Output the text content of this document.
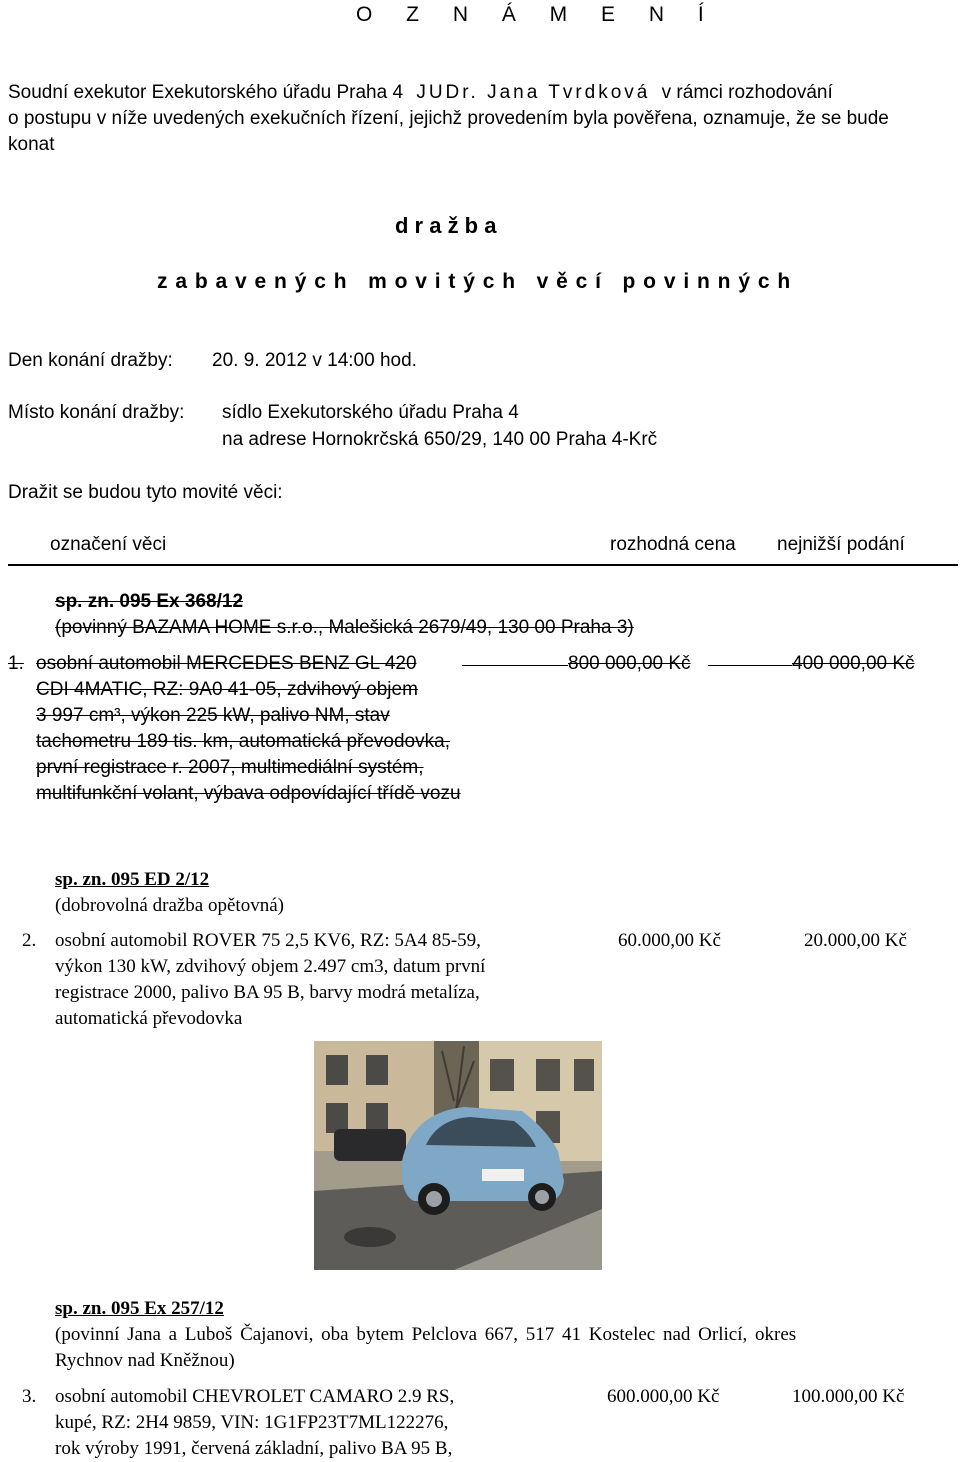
O Z N Á M E N Í
Soudní exekutor Exekutorského úřadu Praha 4 JUDr. Jana Tvrdková v rámci rozhodování
o postupu v níže uvedených exekučních řízení, jejichž provedením byla pověřena, oznamuje, že se bude
konat
d r a ž b a
z a b a v e n ý c h   m o v i t ý c h   v ě c í   p o v i n n ý c h
Den konání dražby: 20. 9. 2012 v 14:00 hod.
Místo konání dražby: sídlo Exekutorského úřadu Praha 4
na adrese Hornokrčská 650/29, 140 00 Praha 4-Krč
Dražit se budou tyto movité věci:
označení věci	rozhodná cena nejnižší podání
sp. zn. 095 Ex 368/12
(povinný BAZAMA HOME s.r.o., Malešická 2679/49, 130 00 Praha 3)
1. osobní automobil MERCEDES BENZ GL 420
CDI 4MATIC, RZ: 9A0 41-05, zdvihový objem
3 997 cm³, výkon 225 kW, palivo NM, stav
tachometru 189 tis. km, automatická převodovka,
první registrace r. 2007, multimediální systém,
multifunkční volant, výbava odpovídající třídě vozu
800 000,00 Kč	400 000,00 Kč
sp. zn. 095 ED 2/12
(dobrovolná dražba opětovná)
2. osobní automobil ROVER 75 2,5 KV6, RZ: 5A4 85-59,
výkon 130 kW, zdvihový objem 2.497 cm3, datum první
registrace 2000, palivo BA 95 B, barvy modrá metalíza,
automatická převodovka
60.000,00 Kč	20.000,00 Kč
sp. zn. 095 Ex 257/12
(povinní Jana a Luboš Čajanovi, oba bytem Pelclova 667, 517 41 Kostelec nad Orlicí, okres
Rychnov nad Kněžnou)
3. osobní automobil CHEVROLET CAMARO 2.9 RS,
kupé, RZ: 2H4 9859, VIN: 1G1FP23T7ML122276,
rok výroby 1991, červená základní, palivo BA 95 B,
600.000,00 Kč	100.000,00 Kč
